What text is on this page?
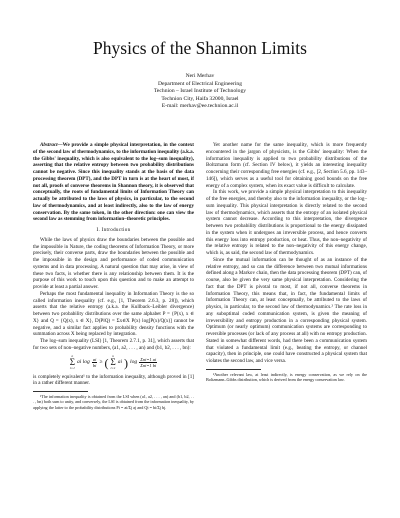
Physics of the Shannon Limits
Neri Merhav
Department of Electrical Engineering
Technion – Israel Institute of Technology
Technion City, Haifa 32000, Israel
E-mail: merhav@ee.technion.ac.il

Abstract—We provide a simple physical interpretation, in the context of the second law of thermodynamics, to the information inequality (a.k.a. the Gibbs' inequality, which is also equivalent to the log–sum inequality), asserting that the relative entropy between two probability distributions cannot be negative. Since this inequality stands at the basis of the data processing theorem (DPT), and the DPT in turn is at the heart of most, if not all, proofs of converse theorems in Shannon theory, it is observed that conceptually, the roots of fundamental limits of Information Theory can actually be attributed to the laws of physics, in particular, to the second law of thermodynamics, and at least indirectly, also to the law of energy conservation. By the same token, in the other direction: one can view the second law as stemming from information–theoretic principles.

I. Introduction

While the laws of physics draw the boundaries between the possible and the impossible in Nature, the coding theorems of Information Theory, or more precisely, their converse parts, draw the boundaries between the possible and the impossible in the design and performance of coded communication systems and in data processing. A natural question that may arise, in view of these two facts, is whether there is any relationship between them. It is the purpose of this work to touch upon this question and to make an attempt to provide at least a partial answer.

Perhaps the most fundamental inequality in Information Theory is the so called information inequality (cf. e.g., [1, Theorem 2.6.3, p. 28]), which asserts that the relative entropy (a.k.a. the Kullback–Leibler divergence) between two probability distributions over the same alphabet P = {P(x), x ∈ X} and Q = {Q(x), x ∈ X}, D(P‖Q) = Σx∈X P(x) log[P(x)/Q(x)] cannot be negative, and a similar fact applies to probability density functions with the summation across X being replaced by integration.

The log–sum inequality (LSI) [1, Theorem 2.7.1, p. 31], which asserts that for two sets of non–negative numbers, (a1, a2, . . . , an) and (b1, b2, . . . , bn):

n
Σ
i=1
ai $\log \frac{ai}{bi}$ ≥ ( n
Σ
i=1
ai ) $\log \frac{\text{Σni=1 ai}}{\text{Σni=1 bi}}$

is completely equivalent¹ to the information inequality, although proved in [1] in a rather different manner.

¹The information inequality is obtained from the LSI when (a1, a2, . . . , an) and (b1, b2, . . . , bn) both sum to unity, and conversely, the LSI is obtained from the information inequality, by applying the latter to the probability distributions Pi = ai/Σj aj and Qi = bi/Σj bj.

Yet another name for the same inequality, which is more frequently encountered in the jargon of physicists, is the Gibbs' inequality: When the information inequality is applied to two probability distributions of the Boltzmann form (cf. Section IV below), it yields an interesting inequality concerning their corresponding free energies (cf. e.g., [2, Section 5.6, pp. 143–146]), which serves as a useful tool for obtaining good bounds on the free energy of a complex system, when its exact value is difficult to calculate.

In this work, we provide a simple physical interpretation to this inequality of the free energies, and thereby also to the information inequality, or the log–sum inequality. This physical interpretation is directly related to the second law of thermodynamics, which asserts that the entropy of an isolated physical system cannot decrease. According to this interpretation, the divergence between two probability distributions is proportional to the energy dissipated in the system when it undergoes an irreversible process, and hence converts this energy loss into entropy production, or heat. Thus, the non–negativity of the relative entropy is related to the non–negativity of this energy change, which is, as said, the second law of thermodynamics.

Since the mutual information can be thought of as an instance of the relative entropy, and so can the difference between two mutual informations defined along a Markov chain, then the data processing theorem (DPT) can, of course, also be given the very same physical interpretation. Considering the fact that the DPT is pivotal to most, if not all, converse theorems in Information Theory, this means that, in fact, the fundamental limits of Information Theory can, at least conceptually, be attributed to the laws of physics, in particular, to the second law of thermodynamics.² The rate loss in any suboptimal coded communication system, is given the meaning of irreversibility and entropy production in a corresponding physical system. Optimum (or nearly optimum) communication systems are corresponding to reversible processes (or lack of any process at all) with no entropy production. Stated in somewhat different words, had there been a communication system that violated a fundamental limit (e.g., beating the entropy, or channel capacity), then in principle, one could have constructed a physical system that violates the second law, and vice versa.

²Another relevant law, at least indirectly, is energy conservation, as we rely on the Boltzmann–Gibbs distribution, which is derived from the energy conservation law.
